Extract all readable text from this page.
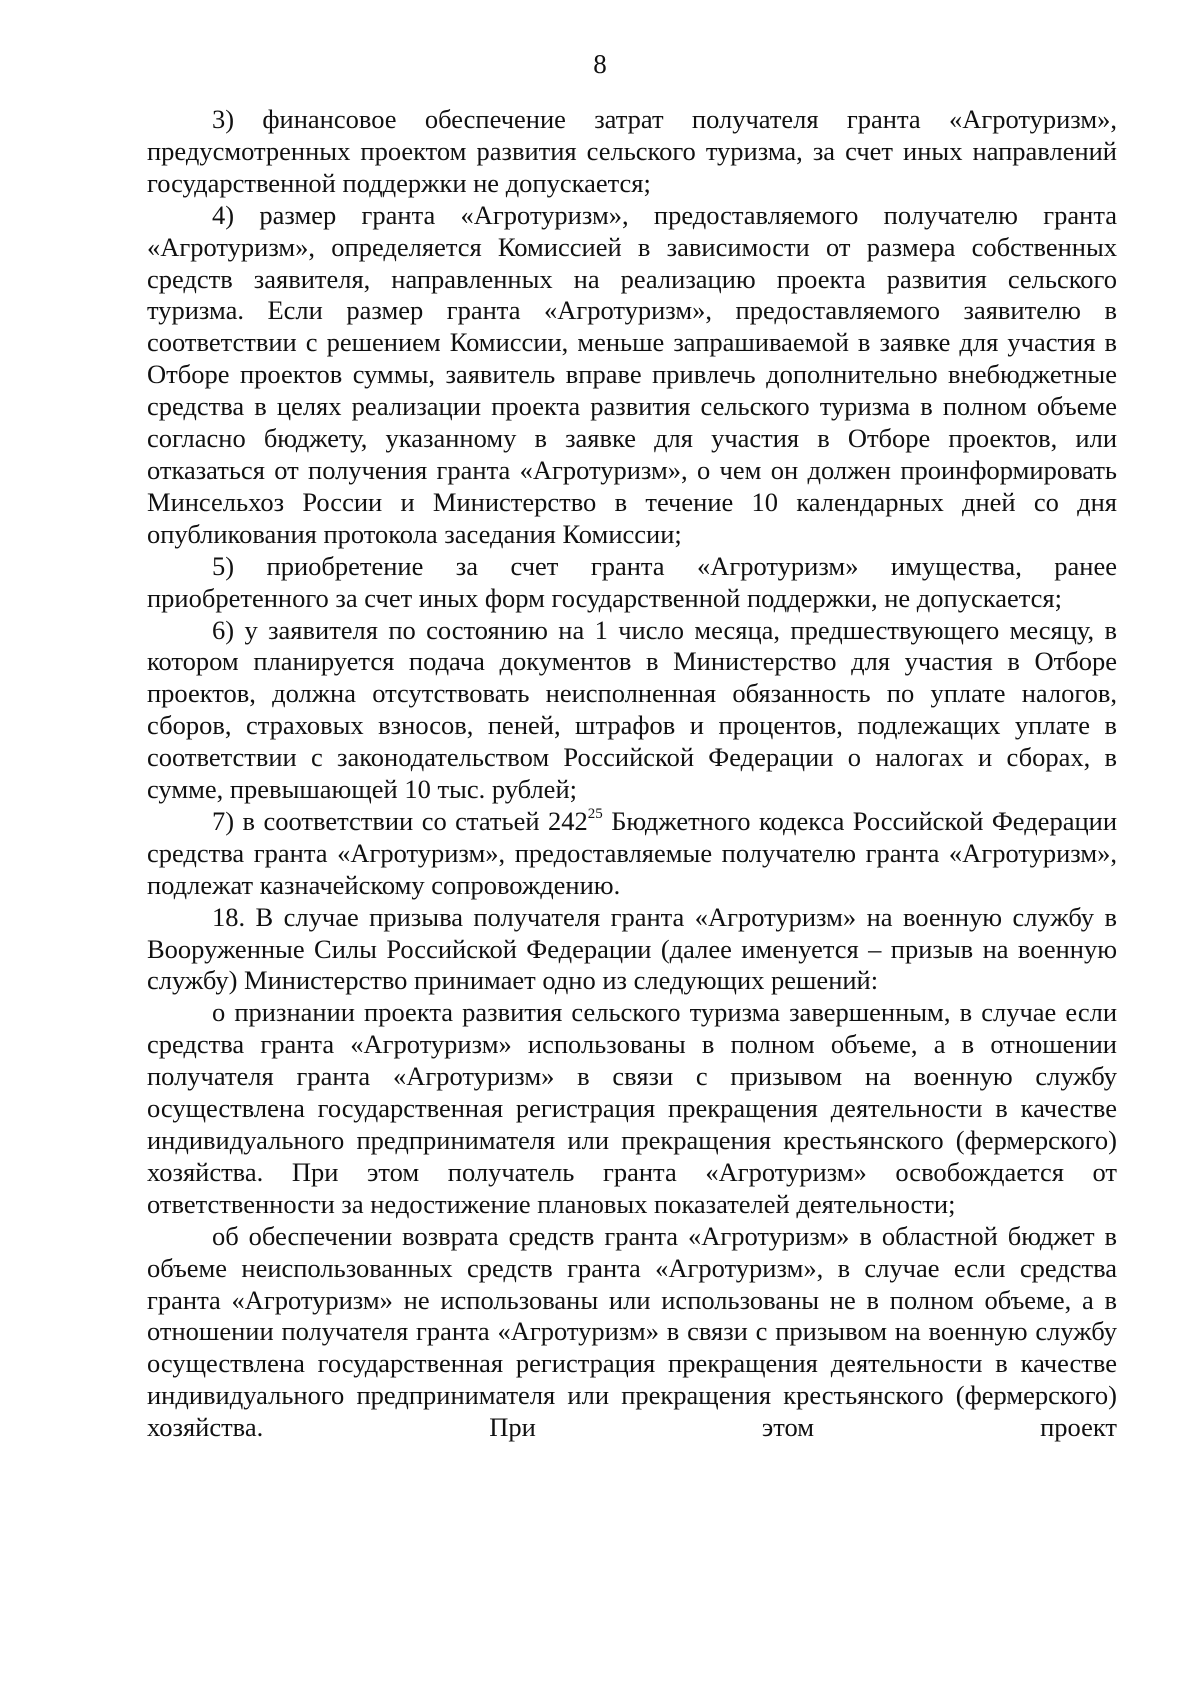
8

3) финансовое обеспечение затрат получателя гранта «Агротуризм», предусмотренных проектом развития сельского туризма, за счет иных направлений государственной поддержки не допускается;

4) размер гранта «Агротуризм», предоставляемого получателю гранта «Агротуризм», определяется Комиссией в зависимости от размера собственных средств заявителя, направленных на реализацию проекта развития сельского туризма. Если размер гранта «Агротуризм», предоставляемого заявителю в соответствии с решением Комиссии, меньше запрашиваемой в заявке для участия в Отборе проектов суммы, заявитель вправе привлечь дополнительно внебюджетные средства в целях реализации проекта развития сельского туризма в полном объеме согласно бюджету, указанному в заявке для участия в Отборе проектов, или отказаться от получения гранта «Агротуризм», о чем он должен проинформировать Минсельхоз России и Министерство в течение 10 календарных дней со дня опубликования протокола заседания Комиссии;

5) приобретение за счет гранта «Агротуризм» имущества, ранее приобретенного за счет иных форм государственной поддержки, не допускается;

6) у заявителя по состоянию на 1 число месяца, предшествующего месяцу, в котором планируется подача документов в Министерство для участия в Отборе проектов, должна отсутствовать неисполненная обязанность по уплате налогов, сборов, страховых взносов, пеней, штрафов и процентов, подлежащих уплате в соответствии с законодательством Российской Федерации о налогах и сборах, в сумме, превышающей 10 тыс. рублей;

7) в соответствии со статьей $242^{25}$ Бюджетного кодекса Российской Федерации средства гранта «Агротуризм», предоставляемые получателю гранта «Агротуризм», подлежат казначейскому сопровождению.

18. В случае призыва получателя гранта «Агротуризм» на военную службу в Вооруженные Силы Российской Федерации (далее именуется – призыв на военную службу) Министерство принимает одно из следующих решений:

о признании проекта развития сельского туризма завершенным, в случае если средства гранта «Агротуризм» использованы в полном объеме, а в отношении получателя гранта «Агротуризм» в связи с призывом на военную службу осуществлена государственная регистрация прекращения деятельности в качестве индивидуального предпринимателя или прекращения крестьянского (фермерского) хозяйства. При этом получатель гранта «Агротуризм» освобождается от ответственности за недостижение плановых показателей деятельности;

об обеспечении возврата средств гранта «Агротуризм» в областной бюджет в объеме неиспользованных средств гранта «Агротуризм», в случае если средства гранта «Агротуризм» не использованы или использованы не в полном объеме, а в отношении получателя гранта «Агротуризм» в связи с призывом на военную службу осуществлена государственная регистрация прекращения деятельности в качестве индивидуального предпринимателя или прекращения крестьянского (фермерского) хозяйства. При этом проект
